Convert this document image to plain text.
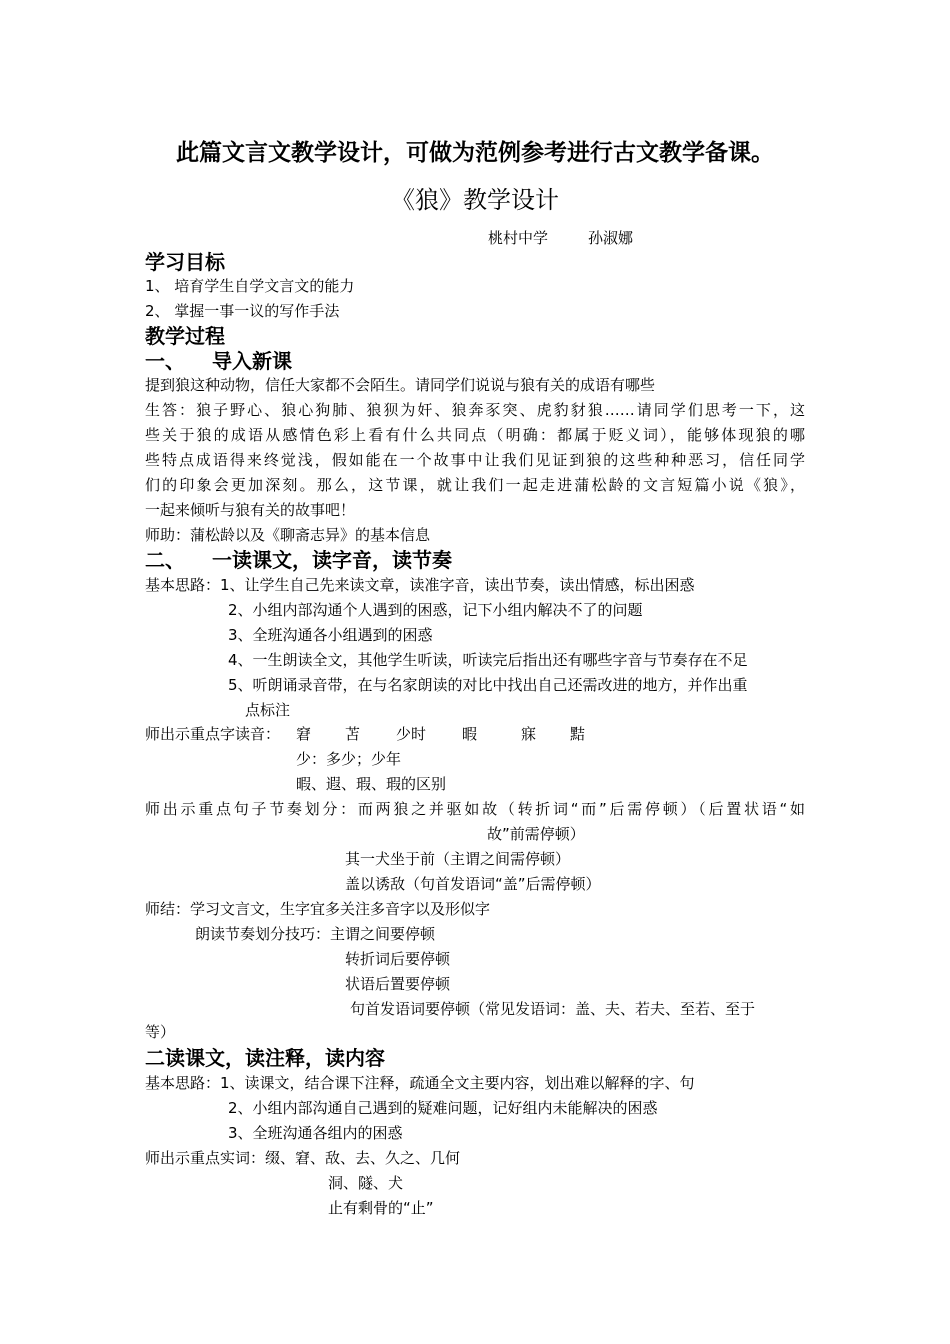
此篇文言文教学设计，可做为范例参考进行古文教学备课。
《狼》教学设计
桃村中学	孙淑娜
学习目标
1、 培育学生自学文言文的能力
2、 掌握一事一议的写作手法
教学过程
一、 导入新课
提到狼这种动物，信任大家都不会陌生。请同学们说说与狼有关的成语有哪些
生答：狼子野心、狼心狗肺、狼狈为奸、狼奔豕突、虎豹豺狼……请同学们思考一下，这
些关于狼的成语从感情色彩上看有什么共同点（明确：都属于贬义词），能够体现狼的哪
些特点成语得来终觉浅，假如能在一个故事中让我们见证到狼的这些种种恶习，信任同学
们的印象会更加深刻。那么，这节课，就让我们一起走进蒲松龄的文言短篇小说《狼》，
一起来倾听与狼有关的故事吧！
师助：蒲松龄以及《聊斋志异》的基本信息
二、 一读课文，读字音，读节奏
基本思路：1、让学生自己先来读文章，读准字音，读出节奏，读出情感，标出困惑
2、小组内部沟通个人遇到的困惑，记下小组内解决不了的问题
3、全班沟通各小组遇到的困惑
4、一生朗读全文，其他学生听读，听读完后指出还有哪些字音与节奏存在不足
5、听朗诵录音带，在与名家朗读的对比中找出自己还需改进的地方，并作出重
点标注
师出示重点字读音： 窘 苫 少时 暇	寐 黠
少：多少；少年
暇、遐、瑕、瑕的区别
师出示重点句子节奏划分：而两狼之并驱如故（转折词“而”后需停顿）（后置状语“如
故”前需停顿）
其一犬坐于前（主谓之间需停顿）
盖以诱敌（句首发语词“盖”后需停顿）
师结：学习文言文，生字宜多关注多音字以及形似字
朗读节奏划分技巧：主谓之间要停顿
转折词后要停顿
状语后置要停顿
句首发语词要停顿（常见发语词：盖、夫、若夫、至若、至于
等）
二读课文，读注释，读内容
基本思路：1、读课文，结合课下注释，疏通全文主要内容，划出难以解释的字、句
2、小组内部沟通自己遇到的疑难问题，记好组内未能解决的困惑
3、全班沟通各组内的困惑
师出示重点实词：缀、窘、敌、去、久之、几何
洞、隧、犬
止有剩骨的“止”
